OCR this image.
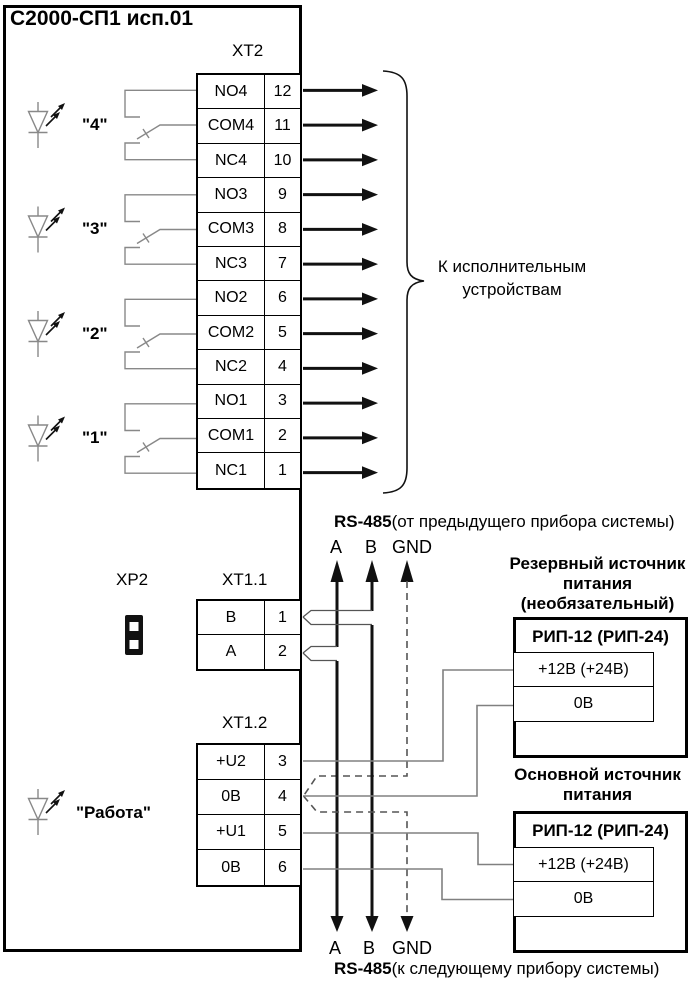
С2000-СП1 исп.01
XT2
NO4	12
COM4	11
NC4	10
NO3	9
COM3	8
NC3	7
NO2	6
COM2	5
NC2	4
NO1	3
COM1	2
NC1	1
"4"
"3"
"2"
"1"
"Работа"
XP2	XT1.1
В	1
А	2
XT1.2
+U2	3
0В	4
+U1	5
0В	6
К исполнительным
устройствам
RS-485(от предыдущего прибора системы)
A B GND
A B GND
RS-485(к следующему прибору системы)
Резервный источник
питания
(необязательный)
РИП-12 (РИП-24)
+12В (+24В)
0В
Основной источник
питания
РИП-12 (РИП-24)
+12В (+24В)
0В
